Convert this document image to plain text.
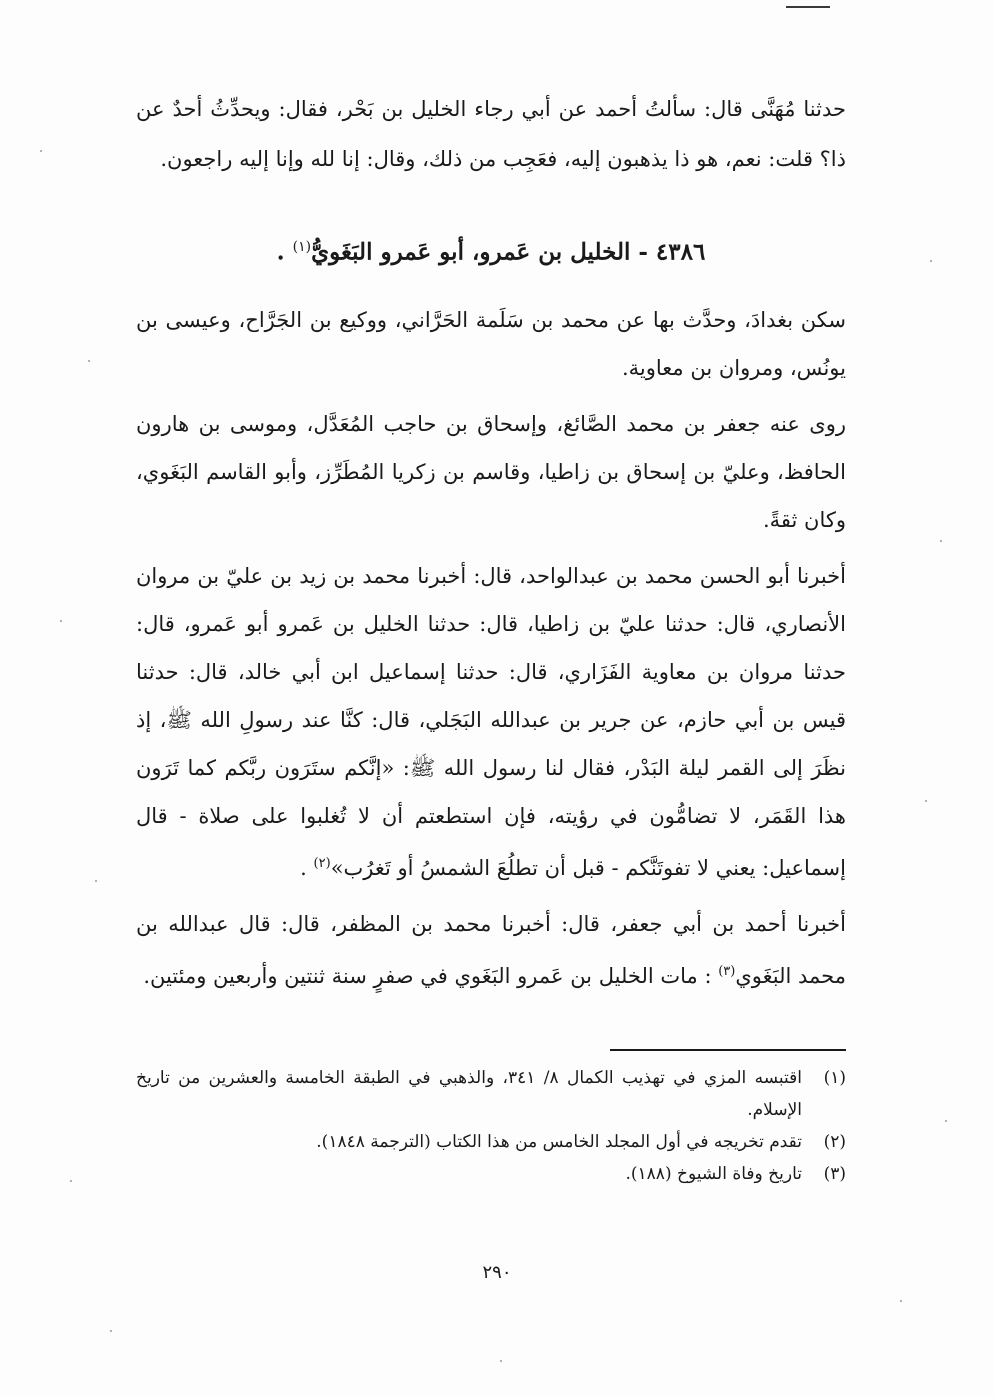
حدثنا مُهَنَّى قال: سألتُ أحمد عن أبي رجاء الخليل بن بَحْر، فقال: ويحدِّثُ أحدٌ عن ذا؟ قلت: نعم، هو ذا يذهبون إليه، فعَجِب من ذلك، وقال: إنا لله وإنا إليه راجعون.

٤٣٨٦ - الخليل بن عَمرو، أبو عَمرو البَغَويُّ$^{(١)}$ .

سكن بغدادَ، وحدَّث بها عن محمد بن سَلَمة الحَرَّاني، ووكيع بن الجَرَّاح، وعيسى بن يونُس، ومروان بن معاوية.

روى عنه جعفر بن محمد الصَّائغ، وإسحاق بن حاجب المُعَدَّل، وموسى بن هارون الحافظ، وعليّ بن إسحاق بن زاطيا، وقاسم بن زكريا المُطَرِّز، وأبو القاسم البَغَوي، وكان ثقةً.

أخبرنا أبو الحسن محمد بن عبدالواحد، قال: أخبرنا محمد بن زيد بن عليّ بن مروان الأنصاري، قال: حدثنا عليّ بن زاطيا، قال: حدثنا الخليل بن عَمرو أبو عَمرو، قال: حدثنا مروان بن معاوية الفَزَاري، قال: حدثنا إسماعيل ابن أبي خالد، قال: حدثنا قيس بن أبي حازم، عن جرير بن عبدالله البَجَلي، قال: كنَّا عند رسولِ الله ﷺ، إذ نظَرَ إلى القمر ليلة البَدْر، فقال لنا رسول الله ﷺ: «إنَّكم ستَرَون ربَّكم كما تَرَون هذا القَمَر، لا تضامُّون في رؤيته، فإن استطعتم أن لا تُغلبوا على صلاة - قال إسماعيل: يعني لا تفوتَنَّكم - قبل أن تطلُعَ الشمسُ أو تَغرُب»$^{(٢)}$ .

أخبرنا أحمد بن أبي جعفر، قال: أخبرنا محمد بن المظفر، قال: قال عبدالله بن محمد البَغَوي$^{(٣)}$ : مات الخليل بن عَمرو البَغَوي في صفرٍ سنة ثنتين وأربعين ومئتين.

(١)
اقتبسه المزي في تهذيب الكمال ٨/ ٣٤١، والذهبي في الطبقة الخامسة والعشرين من تاريخ الإسلام.
(٢)
تقدم تخريجه في أول المجلد الخامس من هذا الكتاب (الترجمة ١٨٤٨).
(٣)
تاريخ وفاة الشيوخ (١٨٨).
٢٩٠
